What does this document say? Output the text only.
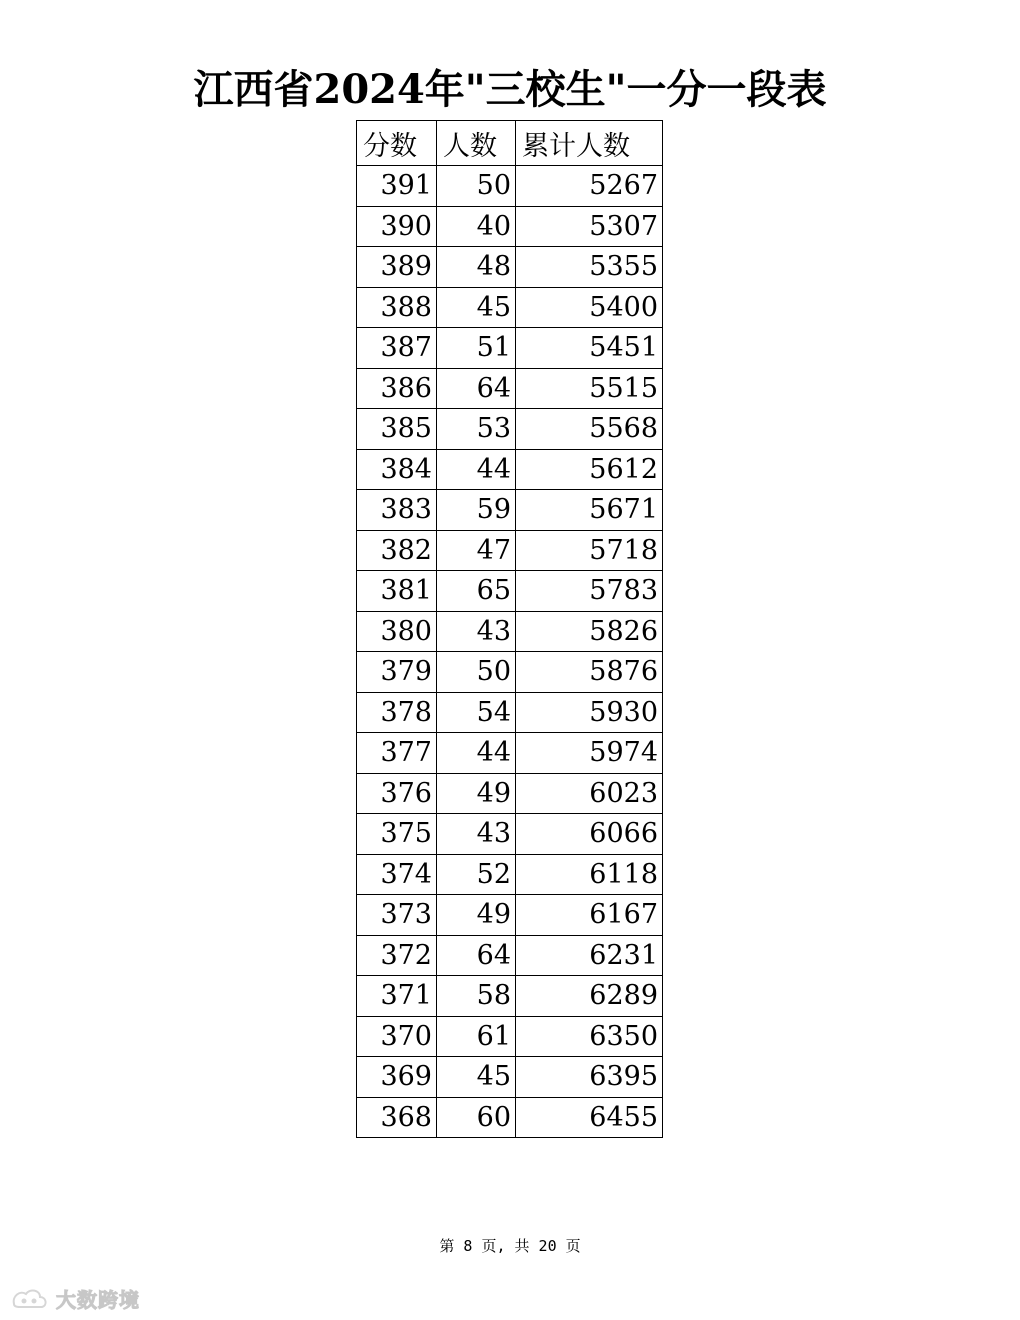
江西省2024年"三校生"一分一段表
分数	人数	累计人数
391	50	5267
390	40	5307
389	48	5355
388	45	5400
387	51	5451
386	64	5515
385	53	5568
384	44	5612
383	59	5671
382	47	5718
381	65	5783
380	43	5826
379	50	5876
378	54	5930
377	44	5974
376	49	6023
375	43	6066
374	52	6118
373	49	6167
372	64	6231
371	58	6289
370	61	6350
369	45	6395
368	60	6455
第 8 页, 共 20 页
大数跨境
